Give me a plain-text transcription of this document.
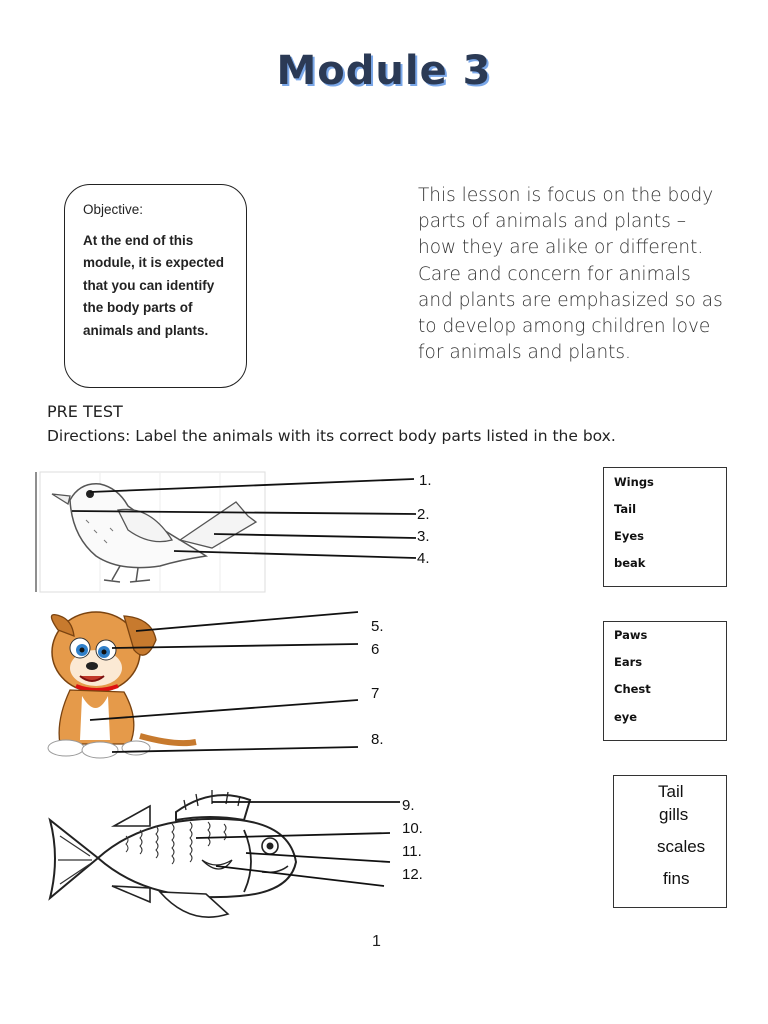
Module 3
Objective:
At the end of this module, it is expected that you can identify the body parts of animals and plants.
This lesson is focus on the body parts of animals and plants – how they are alike or different. Care and concern for animals and plants are emphasized so as to develop among children love for animals and plants.
PRE TEST
Directions: Label the animals with its correct body parts listed in the box.
1.
2.
3.
4.
5.
6
7
8.
9.
10.
11.
12.
Wings
Tail
Eyes
beak
Paws
Ears
Chest
eye
Tail
gills
scales
fins
1
